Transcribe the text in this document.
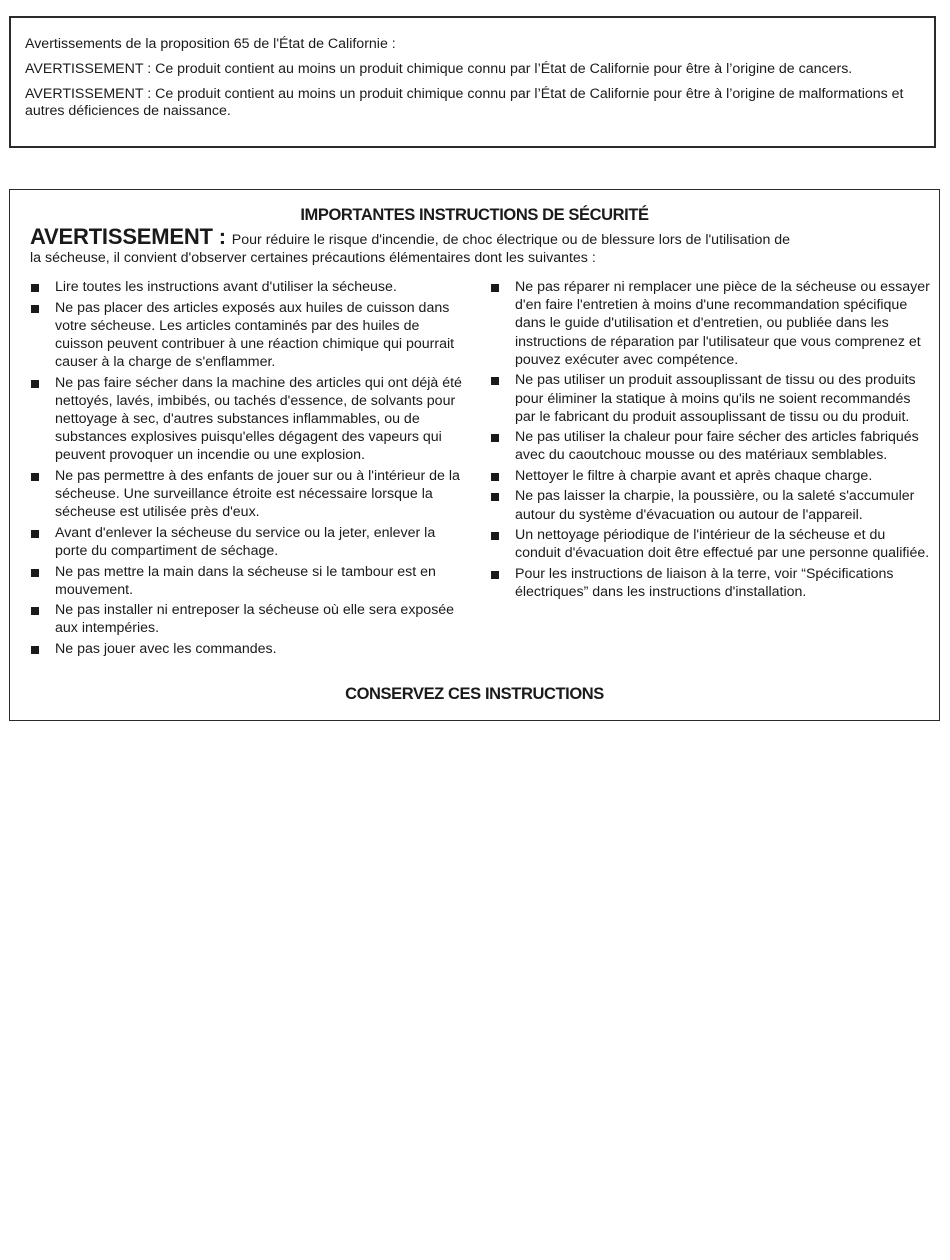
Avertissements de la proposition 65 de l'État de Californie :

AVERTISSEMENT : Ce produit contient au moins un produit chimique connu par l’État de Californie pour être à l’origine de cancers.

AVERTISSEMENT : Ce produit contient au moins un produit chimique connu par l’État de Californie pour être à l’origine de malformations et autres déficiences de naissance.

IMPORTANTES INSTRUCTIONS DE SÉCURITÉ
AVERTISSEMENT : Pour réduire le risque d'incendie, de choc électrique ou de blessure lors de l'utilisation de
la sécheuse, il convient d'observer certaines précautions élémentaires dont les suivantes :
Lire toutes les instructions avant d'utiliser la sécheuse.
Ne pas placer des articles exposés aux huiles de cuisson dans votre sécheuse. Les articles contaminés par des huiles de cuisson peuvent contribuer à une réaction chimique qui pourrait causer à la charge de s'enflammer.
Ne pas faire sécher dans la machine des articles qui ont déjà été nettoyés, lavés, imbibés, ou tachés d'essence, de solvants pour nettoyage à sec, d'autres substances inflammables, ou de substances explosives puisqu'elles dégagent des vapeurs qui peuvent provoquer un incendie ou une explosion.
Ne pas permettre à des enfants de jouer sur ou à l'intérieur de la sécheuse. Une surveillance étroite est nécessaire lorsque la sécheuse est utilisée près d'eux.
Avant d'enlever la sécheuse du service ou la jeter, enlever la porte du compartiment de séchage.
Ne pas mettre la main dans la sécheuse si le tambour est en mouvement.
Ne pas installer ni entreposer la sécheuse où elle sera exposée aux intempéries.
Ne pas jouer avec les commandes.
Ne pas réparer ni remplacer une pièce de la sécheuse ou essayer d'en faire l'entretien à moins d'une recommandation spécifique dans le guide d'utilisation et d'entretien, ou publiée dans les instructions de réparation par l'utilisateur que vous comprenez et pouvez exécuter avec compétence.
Ne pas utiliser un produit assouplissant de tissu ou des produits pour éliminer la statique à moins qu'ils ne soient recommandés par le fabricant du produit assouplissant de tissu ou du produit.
Ne pas utiliser la chaleur pour faire sécher des articles fabriqués avec du caoutchouc mousse ou des matériaux semblables.
Nettoyer le filtre à charpie avant et après chaque charge.
Ne pas laisser la charpie, la poussière, ou la saleté s'accumuler autour du système d'évacuation ou autour de l'appareil.
Un nettoyage périodique de l'intérieur de la sécheuse et du conduit d'évacuation doit être effectué par une personne qualifiée.
Pour les instructions de liaison à la terre, voir “Spécifications électriques” dans les instructions d'installation.
CONSERVEZ CES INSTRUCTIONS
